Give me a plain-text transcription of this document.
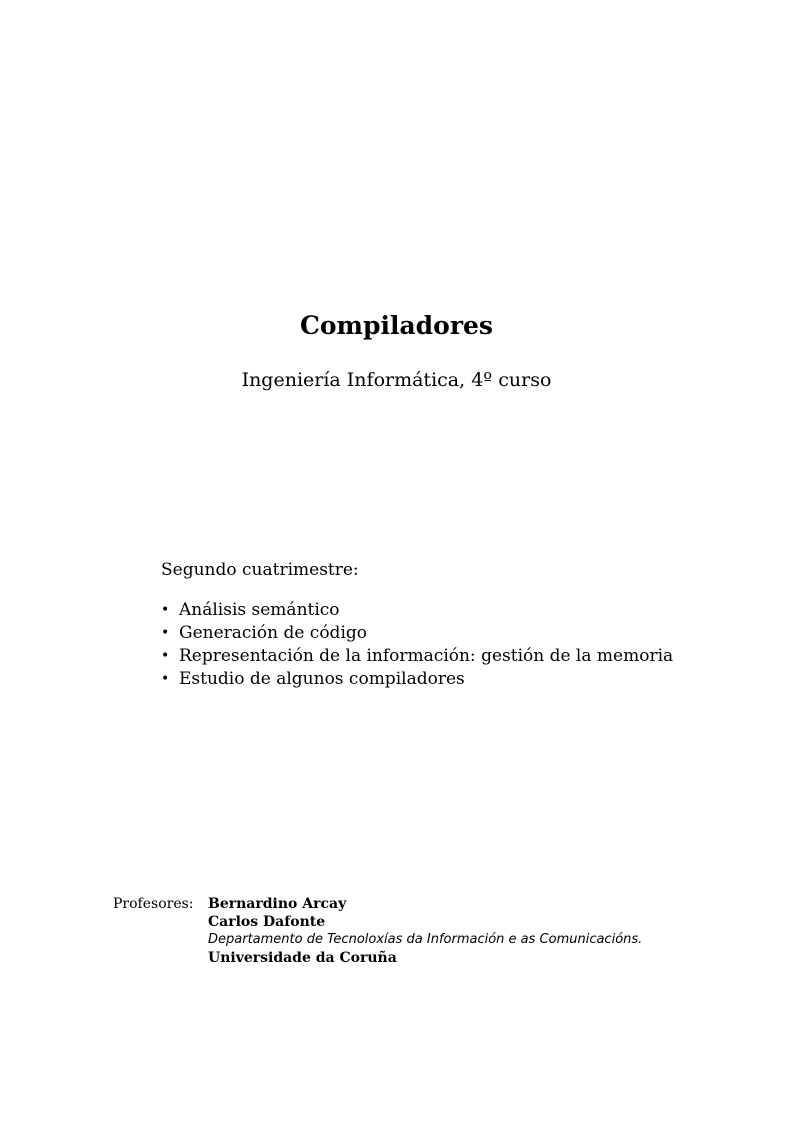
Compiladores
Ingeniería Informática, 4º curso
Segundo cuatrimestre:
• Análisis semántico
• Generación de código
• Representación de la información: gestión de la memoria
• Estudio de algunos compiladores
Profesores: Bernardino Arcay
Carlos Dafonte
Departamento de Tecnoloxías da Información e as Comunicacións.
Universidade da Coruña
